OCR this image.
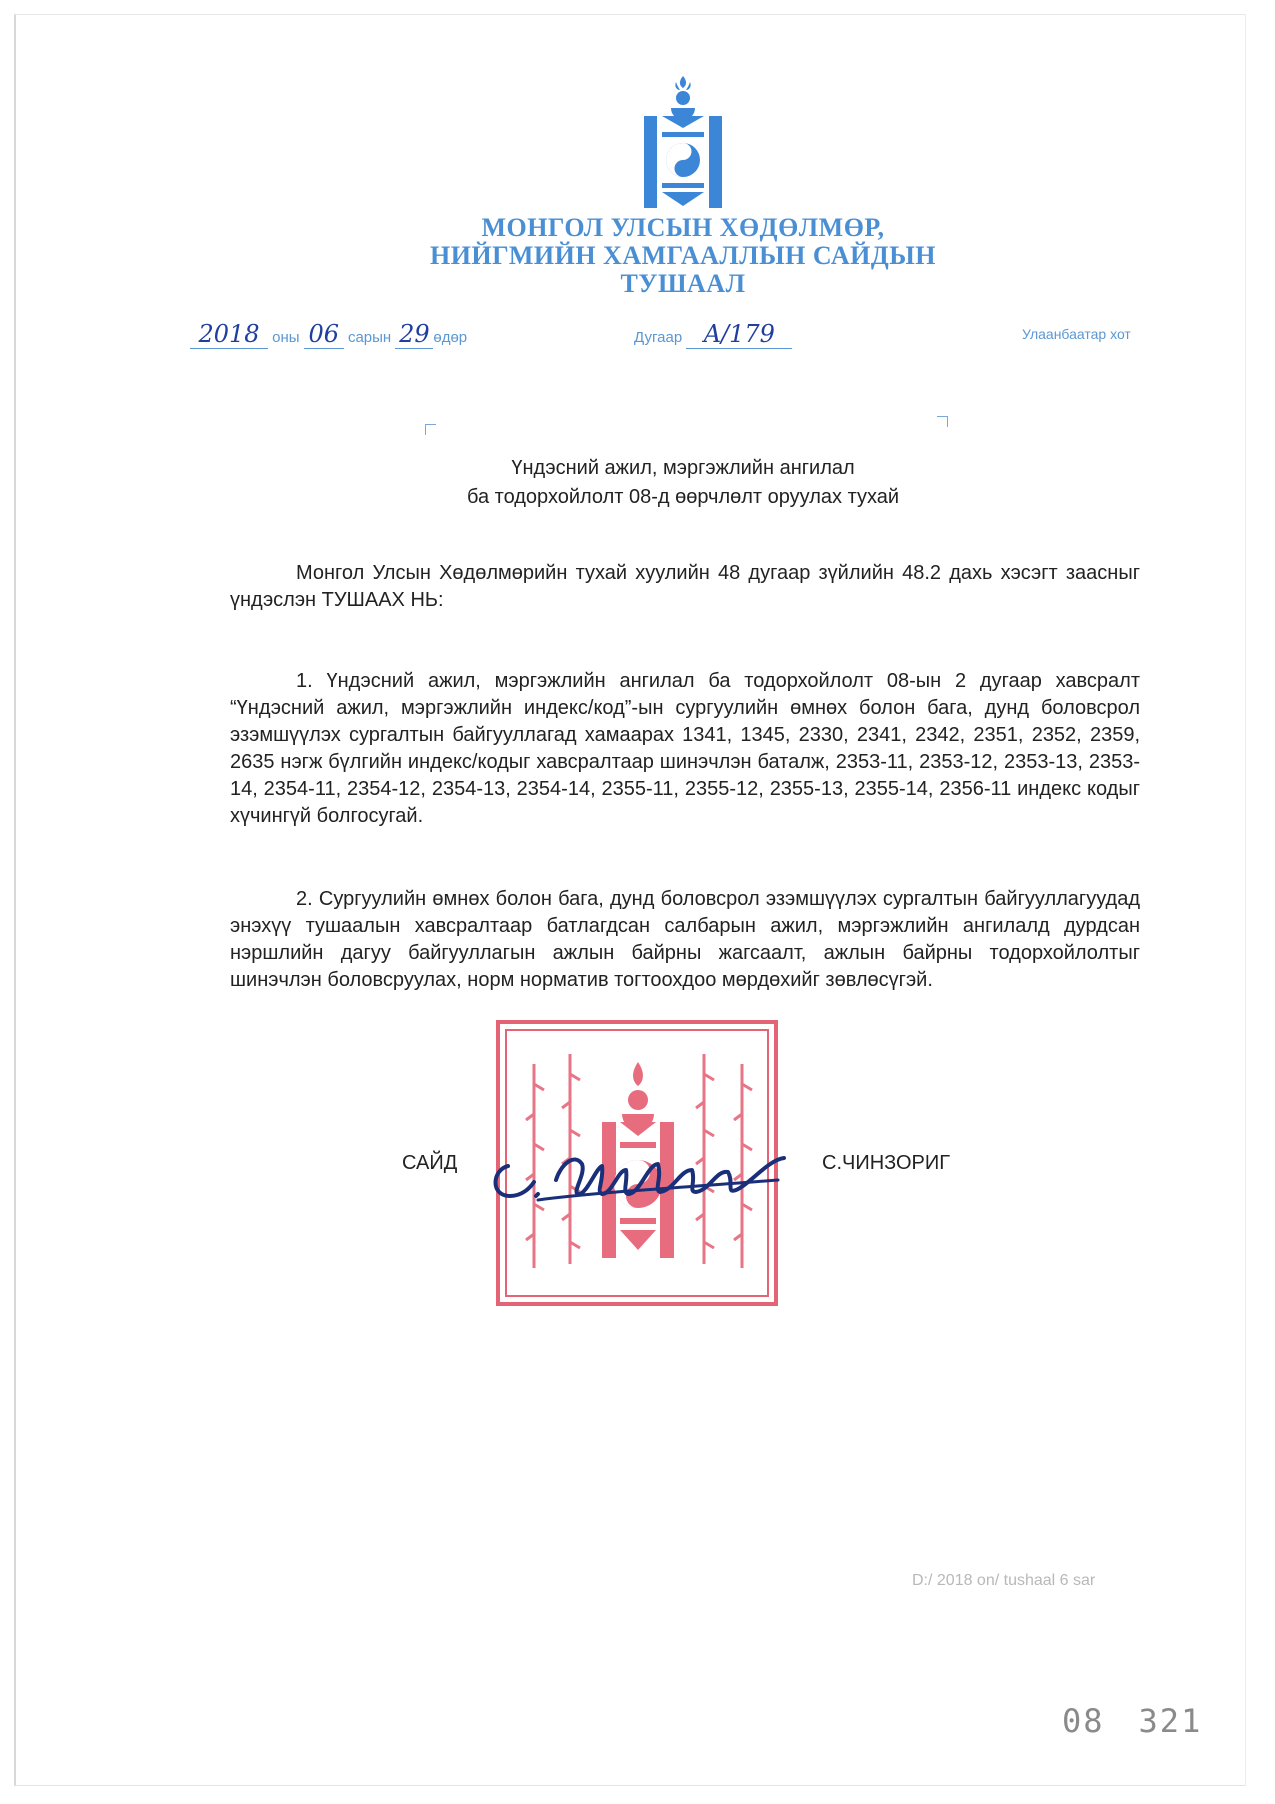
МОНГОЛ УЛСЫН ХӨДӨЛМӨР,
НИЙГМИЙН ХАМГААЛЛЫН САЙДЫН
ТУШААЛ
2018 оны 06 сарын 29 өдөр	Дугаар A/179	Улаанбаатар хот
Үндэсний ажил, мэргэжлийн ангилал
ба тодорхойлолт 08-д өөрчлөлт оруулах тухай
Монгол Улсын Хөдөлмөрийн тухай хуулийн 48 дугаар зүйлийн 48.2 дахь хэсэгт заасныг үндэслэн ТУШААХ НЬ:
1. Үндэсний ажил, мэргэжлийн ангилал ба тодорхойлолт 08-ын 2 дугаар хавсралт “Үндэсний ажил, мэргэжлийн индекс/код”-ын сургуулийн өмнөх болон бага, дунд боловсрол эзэмшүүлэх сургалтын байгууллагад хамаарах 1341, 1345, 2330, 2341, 2342, 2351, 2352, 2359, 2635 нэгж бүлгийн индекс/кодыг хавсралтаар шинэчлэн баталж, 2353-11, 2353-12, 2353-13, 2353-14, 2354-11, 2354-12, 2354-13, 2354-14, 2355-11, 2355-12, 2355-13, 2355-14, 2356-11 индекс кодыг хүчингүй болгосугай.
2. Сургуулийн өмнөх болон бага, дунд боловсрол эзэмшүүлэх сургалтын байгууллагуудад энэхүү тушаалын хавсралтаар батлагдсан салбарын ажил, мэргэжлийн ангилалд дурдсан нэршлийн дагуу байгууллагын ажлын байрны жагсаалт, ажлын байрны тодорхойлолтыг шинэчлэн боловсруулах, норм норматив тогтоохдоо мөрдөхийг зөвлөсүгэй.
САЙД	С.ЧИНЗОРИГ
D:/ 2018 on/ tushaal 6 sar
08 321
